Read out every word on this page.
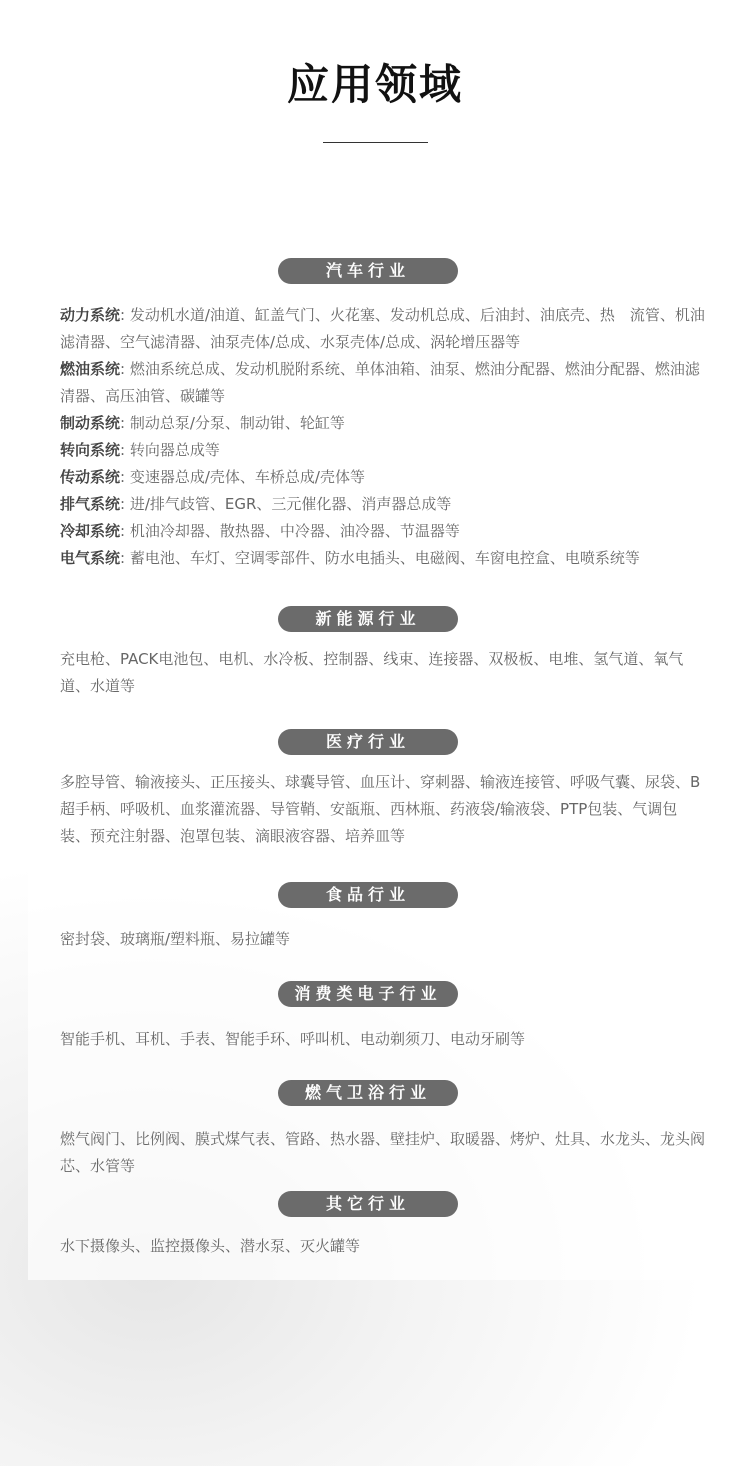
应用领域
汽车行业
动力系统: 发动机水道/油道、缸盖气门、火花塞、发动机总成、后油封、油底壳、热　流管、机油滤清器、空气滤清器、油泵壳体/总成、水泵壳体/总成、涡轮增压器等
燃油系统: 燃油系统总成、发动机脱附系统、单体油箱、油泵、燃油分配器、燃油分配器、燃油滤清器、高压油管、碳罐等
制动系统: 制动总泵/分泵、制动钳、轮缸等
转向系统: 转向器总成等
传动系统: 变速器总成/壳体、车桥总成/壳体等
排气系统: 进/排气歧管、EGR、三元催化器、消声器总成等
冷却系统: 机油冷却器、散热器、中冷器、油冷器、节温器等
电气系统: 蓄电池、车灯、空调零部件、防水电插头、电磁阀、车窗电控盒、电喷系统等
新能源行业
充电枪、PACK电池包、电机、水冷板、控制器、线束、连接器、双极板、电堆、氢气道、氧气道、水道等
医疗行业
多腔导管、输液接头、正压接头、球囊导管、血压计、穿刺器、输液连接管、呼吸气囊、尿袋、B超手柄、呼吸机、血浆灌流器、导管鞘、安瓿瓶、西林瓶、药液袋/输液袋、PTP包装、气调包装、预充注射器、泡罩包装、滴眼液容器、培养皿等
食品行业
密封袋、玻璃瓶/塑料瓶、易拉罐等
消费类电子行业
智能手机、耳机、手表、智能手环、呼叫机、电动剃须刀、电动牙刷等
燃气卫浴行业
燃气阀门、比例阀、膜式煤气表、管路、热水器、壁挂炉、取暖器、烤炉、灶具、水龙头、龙头阀芯、水管等
其它行业
水下摄像头、监控摄像头、潜水泵、灭火罐等
